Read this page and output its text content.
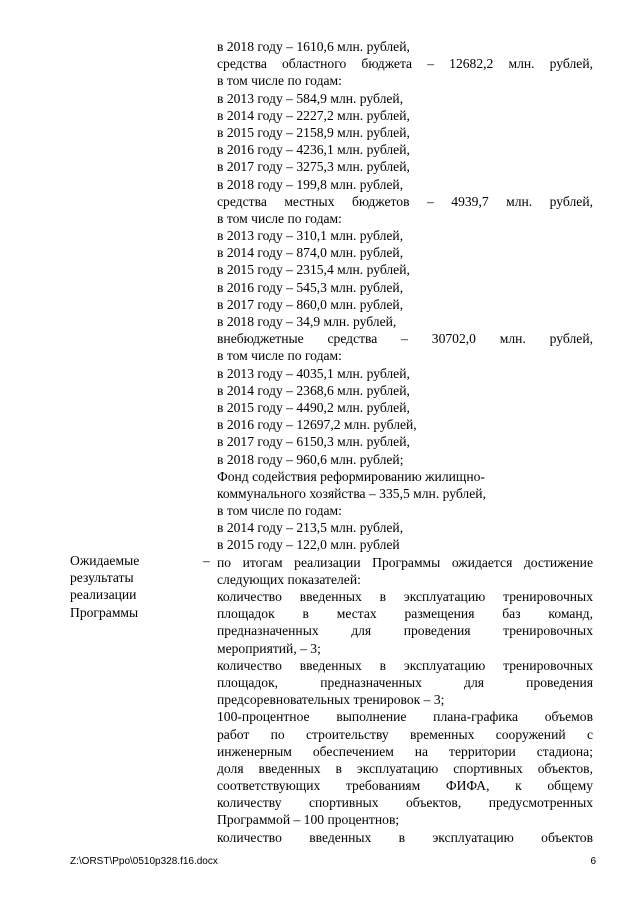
в 2018 году – 1610,6 млн. рублей,
средства областного бюджета – 12682,2 млн. рублей,
в том числе по годам:
в 2013 году – 584,9 млн. рублей,
в 2014 году – 2227,2 млн. рублей,
в 2015 году – 2158,9 млн. рублей,
в 2016 году – 4236,1 млн. рублей,
в 2017 году – 3275,3 млн. рублей,
в 2018 году – 199,8 млн. рублей,
средства местных бюджетов – 4939,7 млн. рублей,
в том числе по годам:
в 2013 году – 310,1 млн. рублей,
в 2014 году – 874,0 млн. рублей,
в 2015 году – 2315,4 млн. рублей,
в 2016 году – 545,3 млн. рублей,
в 2017 году – 860,0 млн. рублей,
в 2018 году – 34,9 млн. рублей,
внебюджетные средства – 30702,0 млн. рублей,
в том числе по годам:
в 2013 году – 4035,1 млн. рублей,
в 2014 году – 2368,6 млн. рублей,
в 2015 году – 4490,2 млн. рублей,
в 2016 году – 12697,2 млн. рублей,
в 2017 году – 6150,3 млн. рублей,
в 2018 году – 960,6 млн. рублей;
Фонд содействия реформированию жилищно-
коммунального хозяйства – 335,5 млн. рублей,
в том числе по годам:
в 2014 году – 213,5 млн. рублей,
в 2015 году – 122,0 млн. рублей
по итогам реализации Программы ожидается достижение
следующих показателей:
количество введенных в эксплуатацию тренировочных
площадок в местах размещения баз команд,
предназначенных для проведения тренировочных
мероприятий, – 3;
количество введенных в эксплуатацию тренировочных
площадок, предназначенных для проведения
предсоревновательных тренировок – 3;
100-процентное выполнение плана-графика объемов
работ по строительству временных сооружений с
инженерным обеспечением на территории стадиона;
доля введенных в эксплуатацию спортивных объектов,
соответствующих требованиям ФИФА, к общему
количеству спортивных объектов, предусмотренных
Программой – 100 процентнов;
количество введенных в эксплуатацию объектов
Ожидаемые
результаты
реализации
Программы
–
Z:\ORST\Ppo\0510p328.f16.docx	6
